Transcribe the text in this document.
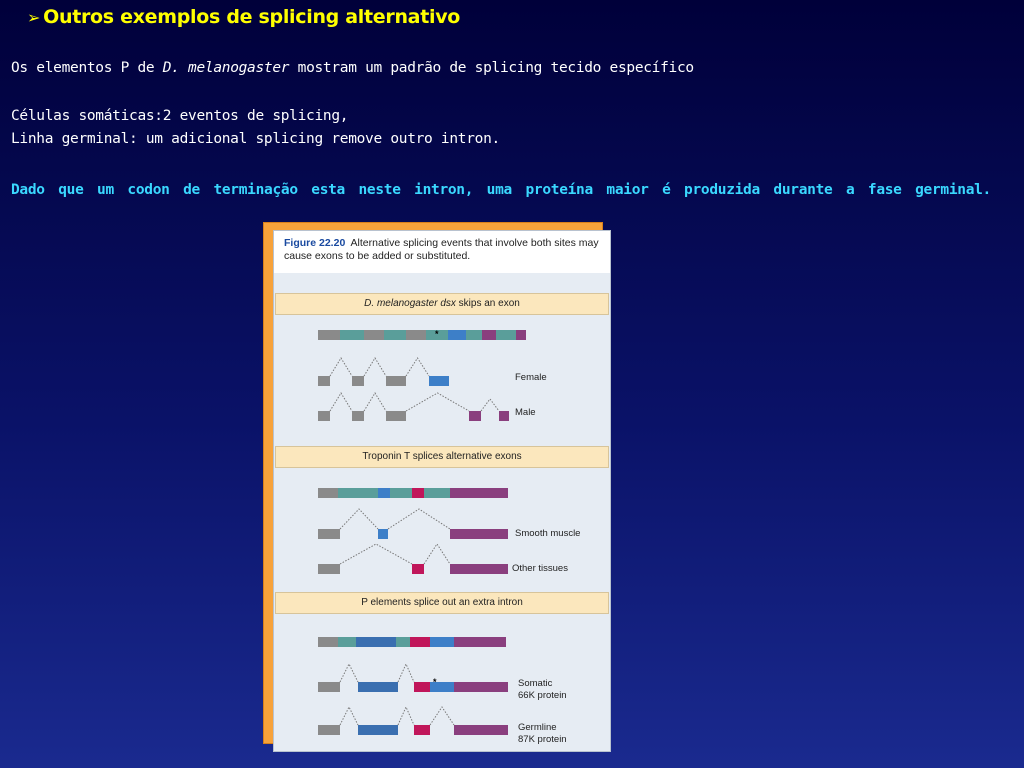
➢ Outros exemplos de splicing alternativo
Os elementos P de D. melanogaster mostram um padrão de splicing tecido específico
Células somáticas:2 eventos de splicing,
Linha germinal: um adicional splicing remove outro intron.
Dado que um codon de terminação esta neste intron, uma proteína maior é produzida durante a fase germinal.
Figure 22.20 Alternative splicing events that involve both sites may cause exons to be added or substituted.
D. melanogaster dsx skips an exon
Female
Male
Troponin T splices alternative exons
Smooth muscle
Other tissues
P elements splice out an extra intron
Somatic
66K protein
Germline
87K protein
*
*
